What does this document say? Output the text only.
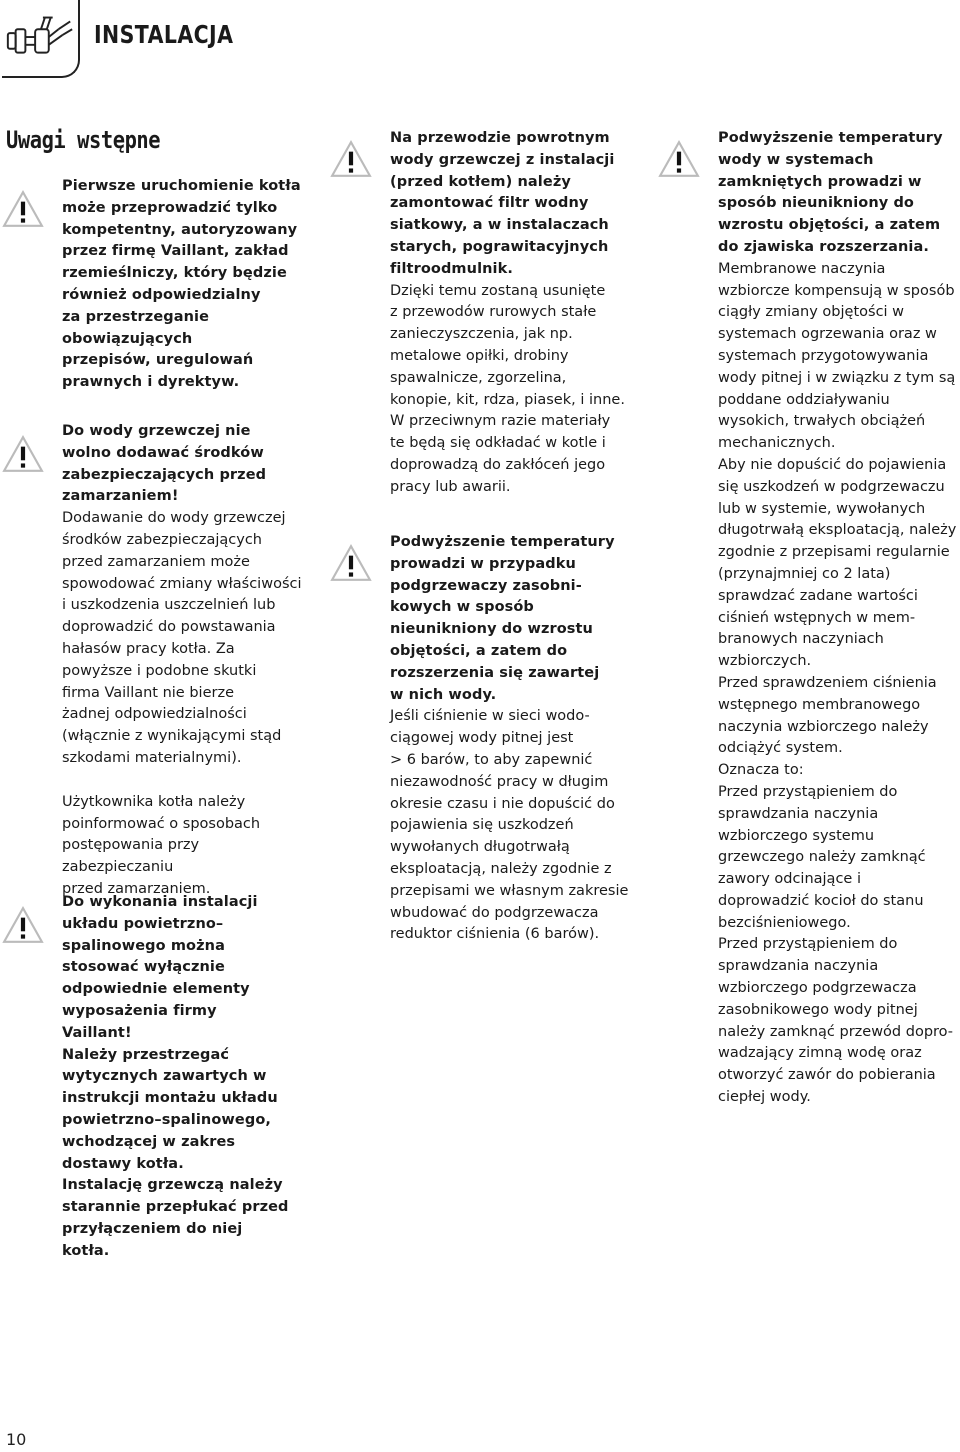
INSTALACJA
Uwagi wstępne

Pierwsze uruchomienie kotła
może przeprowadzić tylko
kompetentny, autoryzowany
przez firmę Vaillant, zakład
rzemieślniczy, który będzie
również odpowiedzialny
za przestrzeganie
obowiązujących
przepisów, uregulowań
prawnych i dyrektyw.

Do wody grzewczej nie
wolno dodawać środków
zabezpieczających przed
zamarzaniem!

Dodawanie do wody grzewczej
środków zabezpieczających
przed zamarzaniem może
spowodować zmiany właściwości
i uszkodzenia uszczelnień lub
doprowadzić do powstawania
hałasów pracy kotła. Za
powyższe i podobne skutki
firma Vaillant nie bierze
żadnej odpowiedzialności
(włącznie z wynikającymi stąd
szkodami materialnymi).

Użytkownika kotła należy
poinformować o sposobach
postępowania przy zabezpieczaniu
przed zamarzaniem.

Do wykonania instalacji
układu powietrzno–
spalinowego można
stosować wyłącznie
odpowiednie elementy
wyposażenia firmy
Vaillant!
Należy przestrzegać
wytycznych zawartych w
instrukcji montażu układu
powietrzno–spalinowego,
wchodzącej w zakres
dostawy kotła.
Instalację grzewczą należy
starannie przepłukać przed
przyłączeniem do niej
kotła.

Na przewodzie powrotnym
wody grzewczej z instalacji
(przed kotłem) należy
zamontować filtr wodny
siatkowy, a w instalaczach
starych, pograwitacyjnych
filtroodmulnik.

Dzięki temu zostaną usunięte
z przewodów rurowych stałe
zanieczyszczenia, jak np.
metalowe opiłki, drobiny
spawalnicze, zgorzelina,
konopie, kit, rdza, piasek, i inne.
W przeciwnym razie materiały
te będą się odkładać w kotle i
doprowadzą do zakłóceń jego
pracy lub awarii.

Podwyższenie temperatury
prowadzi w przypadku
podgrzewaczy zasobni-
kowych w sposób
nieunikniony do wzrostu
objętości, a zatem do
rozszerzenia się zawartej
w nich wody.

Jeśli ciśnienie w sieci wodo-
ciągowej wody pitnej jest
> 6 barów, to aby zapewnić
niezawodność pracy w długim
okresie czasu i nie dopuścić do
pojawienia się uszkodzeń
wywołanych długotrwałą
eksploatacją, należy zgodnie z
przepisami we własnym zakresie
wbudować do podgrzewacza
reduktor ciśnienia (6 barów).

Podwyższenie temperatury
wody w systemach
zamkniętych prowadzi w
sposób nieunikniony do
wzrostu objętości, a zatem
do zjawiska rozszerzania.

Membranowe naczynia
wzbiorcze kompensują w sposób
ciągły zmiany objętości w
systemach ogrzewania oraz w
systemach przygotowywania
wody pitnej i w związku z tym są
poddane oddziaływaniu
wysokich, trwałych obciążeń
mechanicznych.
Aby nie dopuścić do pojawienia
się uszkodzeń w podgrzewaczu
lub w systemie, wywołanych
długotrwałą eksploatacją, należy
zgodnie z przepisami regularnie
(przynajmniej co 2 lata)
sprawdzać zadane wartości
ciśnień wstępnych w mem-
branowych naczyniach
wzbiorczych.
Przed sprawdzeniem ciśnienia
wstępnego membranowego
naczynia wzbiorczego należy
odciążyć system.
Oznacza to:
Przed przystąpieniem do
sprawdzania naczynia
wzbiorczego systemu
grzewczego należy zamknąć
zawory odcinające i
doprowadzić kocioł do stanu
bezciśnieniowego.
Przed przystąpieniem do
sprawdzania naczynia
wzbiorczego podgrzewacza
zasobnikowego wody pitnej
należy zamknąć przewód dopro-
wadzający zimną wodę oraz
otworzyć zawór do pobierania
ciepłej wody.

10
